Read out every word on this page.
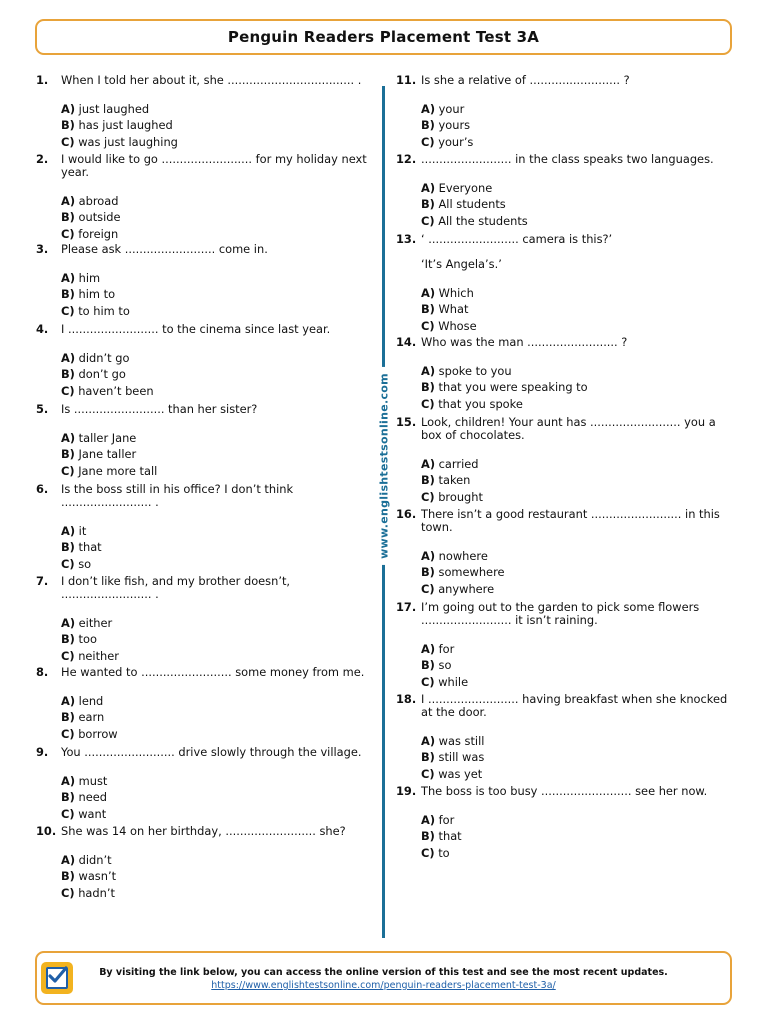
Penguin Readers Placement Test 3A
1. When I told her about it, she ................................... .
A) just laughed
B) has just laughed
C) was just laughing
2. I would like to go ......................... for my holiday next year.
A) abroad
B) outside
C) foreign
3. Please ask ......................... come in.
A) him
B) him to
C) to him to
4. I ......................... to the cinema since last year.
A) didn’t go
B) don’t go
C) haven’t been
5. Is ......................... than her sister?
A) taller Jane
B) Jane taller
C) Jane more tall
6. Is the boss still in his office? I don’t think ......................... .
A) it
B) that
C) so
7. I don’t like fish, and my brother doesn’t, ......................... .
A) either
B) too
C) neither
8. He wanted to ......................... some money from me.
A) lend
B) earn
C) borrow
9. You ......................... drive slowly through the village.
A) must
B) need
C) want
10. She was 14 on her birthday, ......................... she?
A) didn’t
B) wasn’t
C) hadn’t
www.englishtestsonline.com
11. Is she a relative of ......................... ?
A) your
B) yours
C) your’s
12. ......................... in the class speaks two languages.
A) Everyone
B) All students
C) All the students
13. ‘ ......................... camera is this?’
‘It’s Angela’s.’
A) Which
B) What
C) Whose
14. Who was the man ......................... ?
A) spoke to you
B) that you were speaking to
C) that you spoke
15. Look, children! Your aunt has ......................... you a box of chocolates.
A) carried
B) taken
C) brought
16. There isn’t a good restaurant ......................... in this town.
A) nowhere
B) somewhere
C) anywhere
17. I’m going out to the garden to pick some flowers ......................... it isn’t raining.
A) for
B) so
C) while
18. I ......................... having breakfast when she knocked at the door.
A) was still
B) still was
C) was yet
19. The boss is too busy ......................... see her now.
A) for
B) that
C) to
By visiting the link below, you can access the online version of this test and see the most recent updates.
https://www.englishtestsonline.com/penguin-readers-placement-test-3a/
